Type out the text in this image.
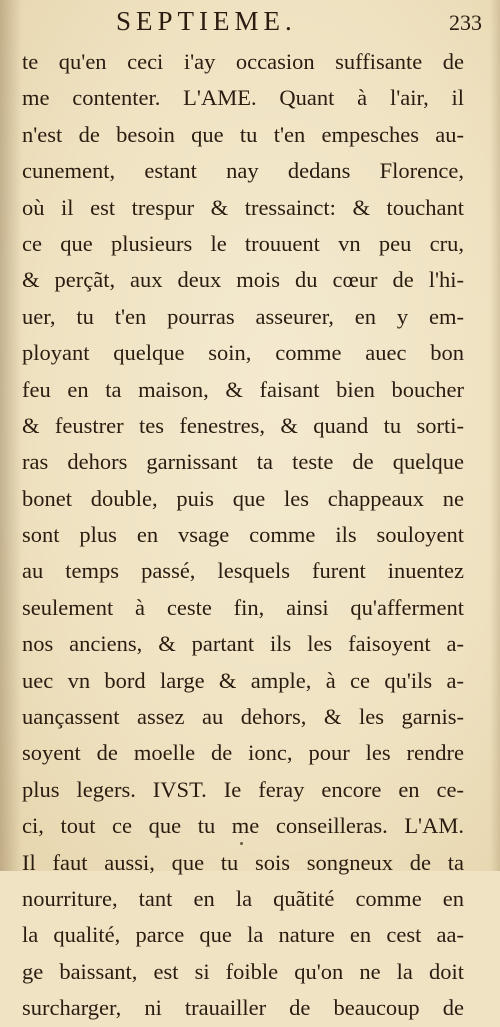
SEPTIEME.	233
te qu'en ceci i'ay occasion suffisante de
me contenter. L'AME. Quant à l'air, il
n'est de besoin que tu t'en empesches au-
cunement, estant nay dedans Florence,
où il est trespur & tressainct: & touchant
ce que plusieurs le trouuent vn peu cru,
& perçãt, aux deux mois du cœur de l'hi-
uer, tu t'en pourras asseurer, en y em-
ployant quelque soin, comme auec bon
feu en ta maison, & faisant bien boucher
& feustrer tes fenestres, & quand tu sorti-
ras dehors garnissant ta teste de quelque
bonet double, puis que les chappeaux ne
sont plus en vsage comme ils souloyent
au temps passé, lesquels furent inuentez
seulement à ceste fin, ainsi qu'afferment
nos anciens, & partant ils les faisoyent a-
uec vn bord large & ample, à ce qu'ils a-
uançassent assez au dehors, & les garnis-
soyent de moelle de ionc, pour les rendre
plus legers. IVST. Ie feray encore en ce-
ci, tout ce que tu me conseilleras. L'AM.
Il faut aussi, que tu sois songneux de ta
nourriture, tant en la quãtité comme en
la qualité, parce que la nature en cest aa-
ge baissant, est si foible qu'on ne la doit
surcharger, ni trauailler de beaucoup de
